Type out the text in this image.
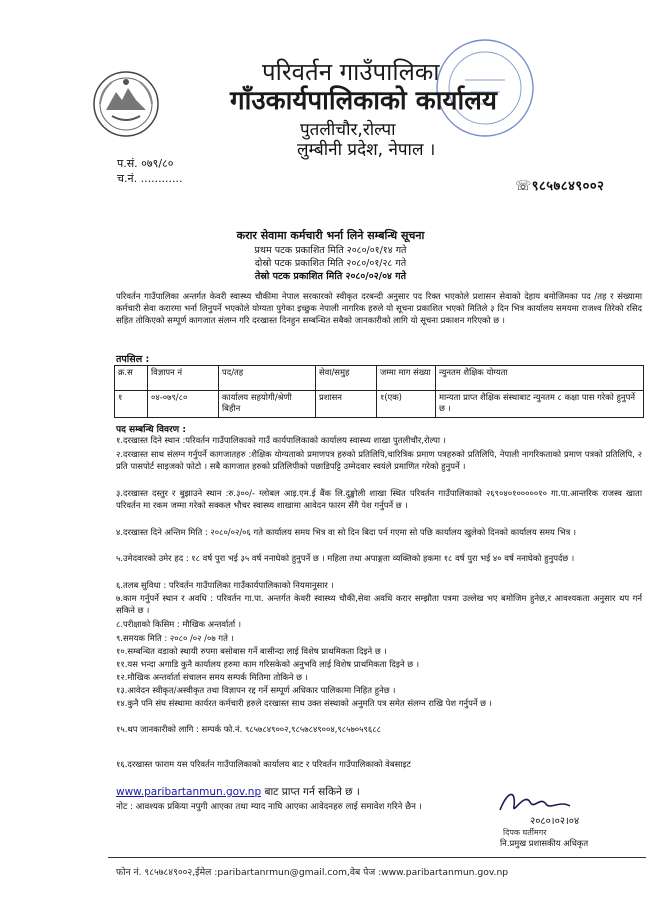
परिवर्तन गाउँपालिका
गाँउकार्यपालिकाको कार्यालय
पुतलीचौर,रोल्पा
लुम्बीनी प्रदेश, नेपाल ।
प.सं. ०७९/८०
च.नं. ............
☏९८५७८४९००२
करार सेवामा कर्मचारी भर्ना लिने सम्बन्धि सूचना
प्रथम पटक प्रकाशित मिति २०८०/०१/१४ गते
दोस्रो पटक प्रकाशित मिति २०८०/०१/२८ गते
तेस्रो पटक प्रकाशित मिति २०८०/०२/०४ गते
परिवर्तन गाउँपालिका अन्तर्गत केवरी स्वास्थ्य चौकीमा नेपाल सरकारको स्वीकृत दरबन्दी अनुसार पद रिक्त भएकोले प्रशासन सेवाको देहाय बमोजिमका पद /तह र संख्यामा कर्मचारी सेवा करारमा भर्ना लिनुपर्ने भएकोले योग्यता पुगेका इच्छुक नेपाली नागरिक हरुले यो सूचना प्रकाशित भएको मितिले ३ दिन भित्र कार्यालय समयमा राजश्व तिरेको रसिद सहित तोकिएको सम्पूर्ण कागजात संलग्न गरि दरखास्त दिनहुन सम्बन्धित सबैको जानकारीको लागि यो सूचना प्रकाशन गरिएको छ ।
तपसिल :
क्र.स	विज्ञापन नं	पद/तह	सेवा/समुह	जम्मा माग संख्या	न्युनतम शैक्षिक योग्यता
१	०४-०७९/८०	कार्यालय सहयोगी/श्रेणी बिहीन	प्रशासन	१(एक)	मान्यता प्राप्त शैक्षिक संस्थाबाट न्युनतम ८ कक्षा पास गरेको हुनुपर्ने छ ।
पद सम्बन्धि विवरण :
१.दरखास्त दिने स्थान :परिवर्तन गाउँपालिकाको गाउँ कार्यपालिकाको कार्यालय स्वास्थ्य शाखा पुतलीचौर,रोल्पा ।
२.दरखास्त साथ संलग्न गर्नुपर्ने कागजातहरु :शैक्षिक योग्यताको प्रमाणपत्र हरुको प्रतिलिपि,चारित्रिक प्रमाण पत्रहरुको प्रतिलिपि, नेपाली नागरिकताको प्रमाण पत्रको प्रतिलिपि, २ प्रति पासपोर्ट साइजको फोटो । सबै कागजात हरुको प्रतिलिपीको पछाडिपट्टि उम्मेदवार स्वयंले प्रमाणित गरेको हुनुपर्ने ।
३.दरखास्त दस्तुर र बुझाउने स्थान :रु.३००/- ग्लोबल आइ.एम.ई बैंक लि.दुङ्खोली शाखा स्थित परिवर्तन गाउँपालिकाको २६९०४०१०००००१० गा.पा.आन्तरिक राजस्व खाता परिवर्तन मा रकम जम्मा गरेको सक्कल भौचर स्वास्थ्य शाखामा आवेदन फारम सँगै पेश गर्नुपर्ने छ ।
४.दरखास्त दिने अन्तिम मिति : २०८०/०२/०६ गते कार्यालय समय भित्र वा सो दिन बिदा पर्न गएमा सो पछि कार्यालय खुलेको दिनको कार्यालय समय भित्र ।
५.उमेदवारको उमेर हद : १८ वर्ष पुरा भई ३५ वर्ष ननाघेको हुनुपर्ने छ । महिला तथा अपाङ्गता व्यक्तिको हकमा १८ वर्ष पुरा भई ४० वर्ष ननाघेको हुनुपर्दछ ।
६.तलब सुविधा : परिवर्तन गाउँपालिका गाउँकार्यपालिकाको नियमानुसार ।
७.काम गर्नुपर्ने स्थान र अवधि : परिवर्तन गा.पा. अन्तर्गत केवरी स्वास्थ्य चौकी,सेवा अवधि करार सम्झौता पत्रमा उल्लेख भए बमोजिम हुनेछ,र आवश्यकता अनुसार थप गर्न सकिने छ ।
८.परीक्षाको किसिम : मौखिक अन्तर्वार्ता ।
९.समयक मिति : २०८० /०२ /०७ गते ।
१०.सम्बन्धित वडाको स्थायी रुपमा बसोबास गर्ने बासीन्दा लाई विशेष प्राथमिकता दिइने छ ।
११.यस भन्दा अगाडि कुनै कार्यालय हरुमा काम गरिसकेको अनुभवि लाई विशेष प्राथमिकता दिइने छ ।
१२.मौखिक अन्तर्वार्ता संचालन समय सम्पर्क मितिमा तोकिने छ ।
१३.आवेदन स्वीकृत/अस्वीकृत तथा विज्ञापन रद्द गर्ने सम्पूर्ण अधिकार पालिकामा निहित हुनेछ ।
१४.कुनै पनि संघ संस्थामा कार्यरत कर्मचारी हरुले दरखास्त साथ उक्त संस्थाको अनुमति पत्र समेत संलग्न राखि पेश गर्नुपर्ने छ ।
१५.थप जानकारीको लागि : सम्पर्क फो.नं. ९८५७८४९००२,९८५७८४९००४,९८५७०५९६८८
१६.दरखास्त फाराम यस परिवर्तन गाउँपालिकाको कार्यालय बाट र परिवर्तन गाउँपालिकाको वेबसाइट
www.paribartanmun.gov.np बाट प्राप्त गर्न सकिने छ ।
नोट : आवश्यक प्रकिया नपुगी आएका तथा म्याद नाघि आएका आवेदनहरु लाई समावेश गरिने छैन ।
२०८०।०२।०४
दिपक घर्तीमगर
नि.प्रमुख प्रशासकीय अधिकृत
फोन नं. ९८५७८४९००२,ईमेल :paribartanrmun@gmail.com,वेब पेज :www.paribartanmun.gov.np
